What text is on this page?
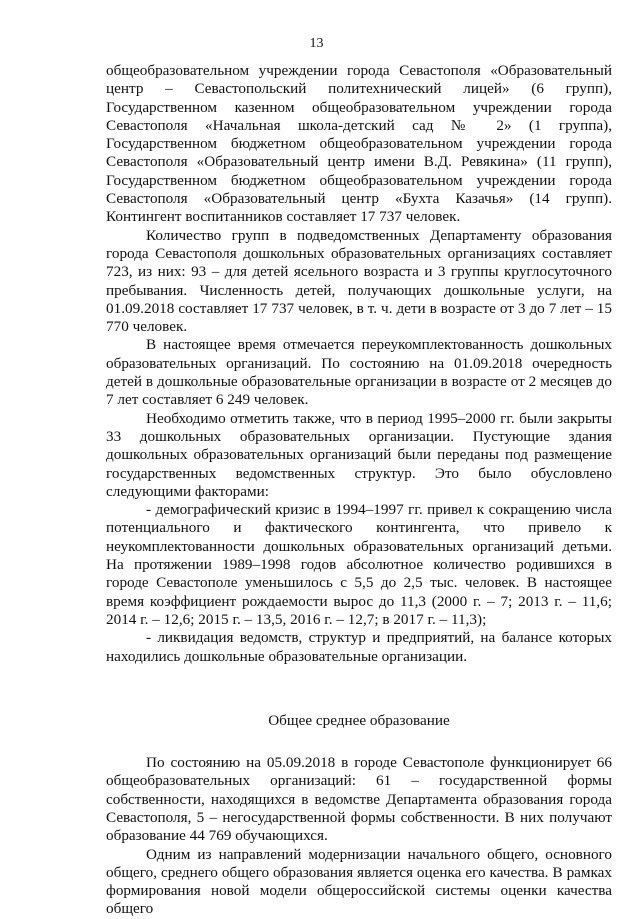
13

общеобразовательном учреждении города Севастополя «Образовательный центр – Севастопольский политехнический лицей» (6 групп), Государственном казенном общеобразовательном учреждении города Севастополя «Начальная школа-детский сад № 2» (1 группа), Государственном бюджетном общеобразовательном учреждении города Севастополя «Образовательный центр имени В.Д. Ревякина» (11 групп), Государственном бюджетном общеобразовательном учреждении города Севастополя «Образовательный центр «Бухта Казачья» (14 групп). Контингент воспитанников составляет 17 737 человек.

Количество групп в подведомственных Департаменту образования города Севастополя дошкольных образовательных организациях составляет 723, из них: 93 – для детей ясельного возраста и 3 группы круглосуточного пребывания. Численность детей, получающих дошкольные услуги, на 01.09.2018 составляет 17 737 человек, в т. ч. дети в возрасте от 3 до 7 лет – 15 770 человек.

В настоящее время отмечается переукомплектованность дошкольных образовательных организаций. По состоянию на 01.09.2018 очередность детей в дошкольные образовательные организации в возрасте от 2 месяцев до 7 лет составляет 6 249 человек.

Необходимо отметить также, что в период 1995–2000 гг. были закрыты 33 дошкольных образовательных организации. Пустующие здания дошкольных образовательных организаций были переданы под размещение государственных ведомственных структур. Это было обусловлено следующими факторами:

- демографический кризис в 1994–1997 гг. привел к сокращению числа потенциального и фактического контингента, что привело к неукомплектованности дошкольных образовательных организаций детьми. На протяжении 1989–1998 годов абсолютное количество родившихся в городе Севастополе уменьшилось с 5,5 до 2,5 тыс. человек. В настоящее время коэффициент рождаемости вырос до 11,3 (2000 г. – 7; 2013 г. – 11,6; 2014 г. – 12,6; 2015 г. – 13,5, 2016 г. – 12,7; в 2017 г. – 11,3);

- ликвидация ведомств, структур и предприятий, на балансе которых находились дошкольные образовательные организации.

Общее среднее образование

По состоянию на 05.09.2018 в городе Севастополе функционирует 66 общеобразовательных организаций: 61 – государственной формы собственности, находящихся в ведомстве Департамента образования города Севастополя, 5 – негосударственной формы собственности. В них получают образование 44 769 обучающихся.

Одним из направлений модернизации начального общего, основного общего, среднего общего образования является оценка его качества. В рамках формирования новой модели общероссийской системы оценки качества общего
